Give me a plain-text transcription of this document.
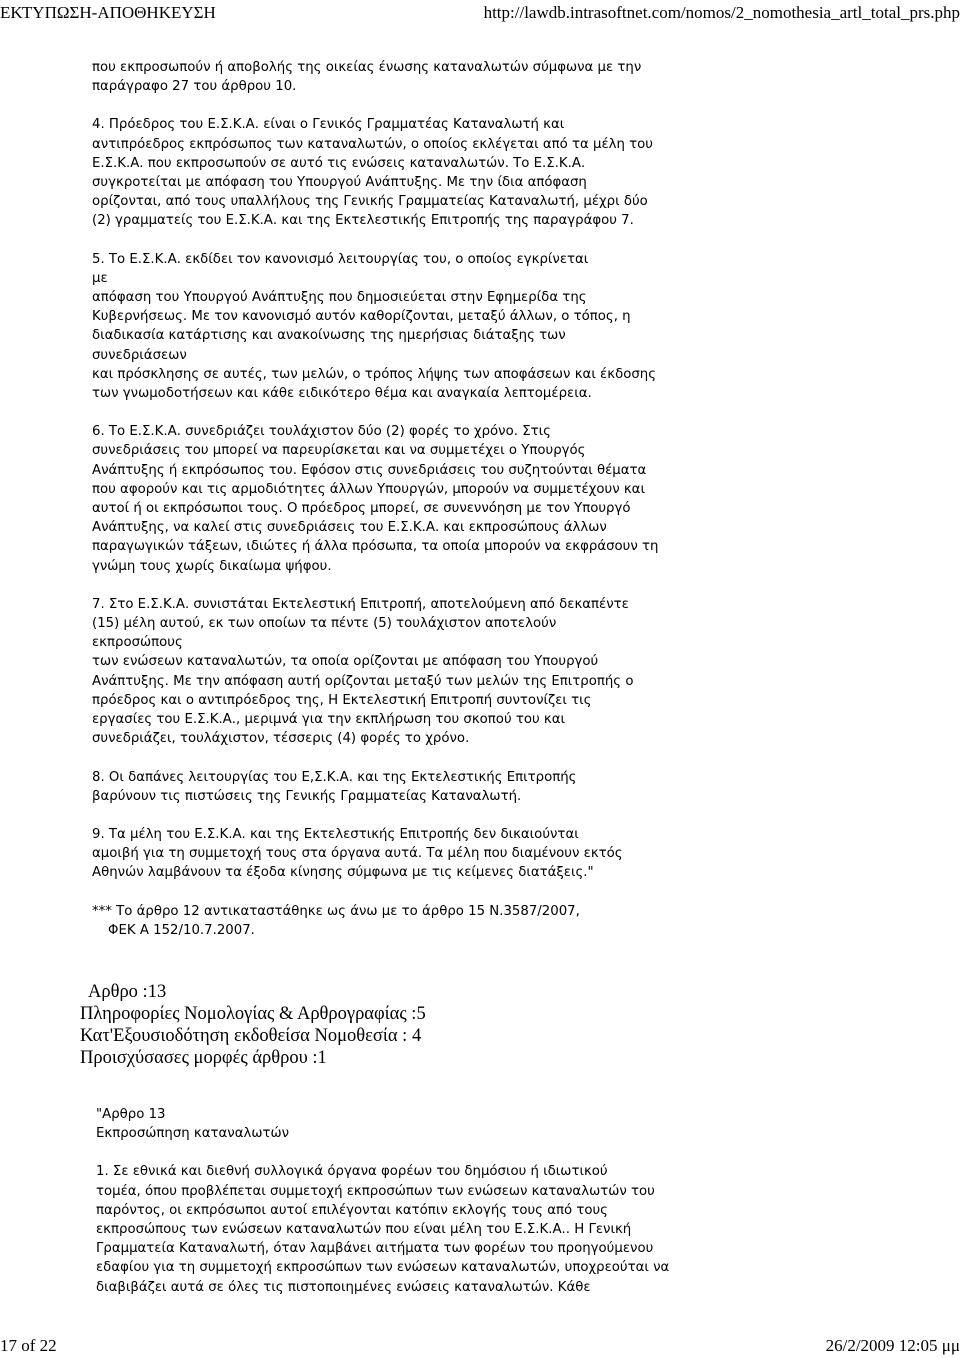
ΕΚΤΥΠΩΣΗ-ΑΠΟΘΗΚΕΥΣΗ	http://lawdb.intrasoftnet.com/nomos/2_nomothesia_artl_total_prs.php
που εκπροσωπούν ή αποβολής της οικείας ένωσης καταναλωτών σύμφωνα με την
παράγραφο 27 του άρθρου 10.
4. Πρόεδρος του Ε.Σ.Κ.Α. είναι ο Γενικός Γραμματέας Καταναλωτή και
αντιπρόεδρος εκπρόσωπος των καταναλωτών, ο οποίος εκλέγεται από τα μέλη του
Ε.Σ.Κ.Α. που εκπροσωπούν σε αυτό τις ενώσεις καταναλωτών. Το Ε.Σ.Κ.Α.
συγκροτείται με απόφαση του Υπουργού Ανάπτυξης. Με την ίδια απόφαση
ορίζονται, από τους υπαλλήλους της Γενικής Γραμματείας Καταναλωτή, μέχρι δύο
(2) γραμματείς του Ε.Σ.Κ.Α. και της Εκτελεστικής Επιτροπής της παραγράφου 7.
5. Το Ε.Σ.Κ.Α. εκδίδει τον κανονισμό λειτουργίας του, ο οποίος εγκρίνεται
με
απόφαση του Υπουργού Ανάπτυξης που δημοσιεύεται στην Εφημερίδα της
Κυβερνήσεως. Με τον κανονισμό αυτόν καθορίζονται, μεταξύ άλλων, ο τόπος, η
διαδικασία κατάρτισης και ανακοίνωσης της ημερήσιας διάταξης των
συνεδριάσεων
και πρόσκλησης σε αυτές, των μελών, ο τρόπος λήψης των αποφάσεων και έκδοσης
των γνωμοδοτήσεων και κάθε ειδικότερο θέμα και αναγκαία λεπτομέρεια.
6. Το Ε.Σ.Κ.Α. συνεδριάζει τουλάχιστον δύο (2) φορές το χρόνο. Στις
συνεδριάσεις του μπορεί να παρευρίσκεται και να συμμετέχει ο Υπουργός
Ανάπτυξης ή εκπρόσωπος του. Εφόσον στις συνεδριάσεις του συζητούνται θέματα
που αφορούν και τις αρμοδιότητες άλλων Υπουργών, μπορούν να συμμετέχουν και
αυτοί ή οι εκπρόσωποι τους. Ο πρόεδρος μπορεί, σε συνεννόηση με τον Υπουργό
Ανάπτυξης, να καλεί στις συνεδριάσεις του Ε.Σ.Κ.Α. και εκπροσώπους άλλων
παραγωγικών τάξεων, ιδιώτες ή άλλα πρόσωπα, τα οποία μπορούν να εκφράσουν τη
γνώμη τους χωρίς δικαίωμα ψήφου.
7. Στο Ε.Σ.Κ.Α. συνιστάται Εκτελεστική Επιτροπή, αποτελούμενη από δεκαπέντε
(15) μέλη αυτού, εκ των οποίων τα πέντε (5) τουλάχιστον αποτελούν
εκπροσώπους
των ενώσεων καταναλωτών, τα οποία ορίζονται με απόφαση του Υπουργού
Ανάπτυξης. Με την απόφαση αυτή ορίζονται μεταξύ των μελών της Επιτροπής ο
πρόεδρος και ο αντιπρόεδρος της, Η Εκτελεστική Επιτροπή συντονίζει τις
εργασίες του Ε.Σ.Κ.Α., μεριμνά για την εκπλήρωση του σκοπού του και
συνεδριάζει, τουλάχιστον, τέσσερις (4) φορές το χρόνο.
8. Οι δαπάνες λειτουργίας του Ε,Σ.Κ.Α. και της Εκτελεστικής Επιτροπής
βαρύνουν τις πιστώσεις της Γενικής Γραμματείας Καταναλωτή.
9. Τα μέλη του Ε.Σ.Κ.Α. και της Εκτελεστικής Επιτροπής δεν δικαιούνται
αμοιβή για τη συμμετοχή τους στα όργανα αυτά. Τα μέλη που διαμένουν εκτός
Αθηνών λαμβάνουν τα έξοδα κίνησης σύμφωνα με τις κείμενες διατάξεις."
*** Το άρθρο 12 αντικαταστάθηκε ως άνω με το άρθρο 15 Ν.3587/2007,
ΦΕΚ Α 152/10.7.2007.
Αρθρο :13
Πληροφορίες Νομολογίας & Αρθρογραφίας :5
Κατ'Εξουσιοδότηση εκδοθείσα Νομοθεσία : 4
Προισχύσασες μορφές άρθρου :1
"Αρθρο 13
Εκπροσώπηση καταναλωτών
1. Σε εθνικά και διεθνή συλλογικά όργανα φορέων του δημόσιου ή ιδιωτικού
τομέα, όπου προβλέπεται συμμετοχή εκπροσώπων των ενώσεων καταναλωτών του
παρόντος, οι εκπρόσωποι αυτοί επιλέγονται κατόπιν εκλογής τους από τους
εκπροσώπους των ενώσεων καταναλωτών που είναι μέλη του Ε.Σ.Κ.Α.. Η Γενική
Γραμματεία Καταναλωτή, όταν λαμβάνει αιτήματα των φορέων του προηγούμενου
εδαφίου για τη συμμετοχή εκπροσώπων των ενώσεων καταναλωτών, υποχρεούται να
διαβιβάζει αυτά σε όλες τις πιστοποιημένες ενώσεις καταναλωτών. Κάθε
17 of 22	26/2/2009 12:05 μμ
